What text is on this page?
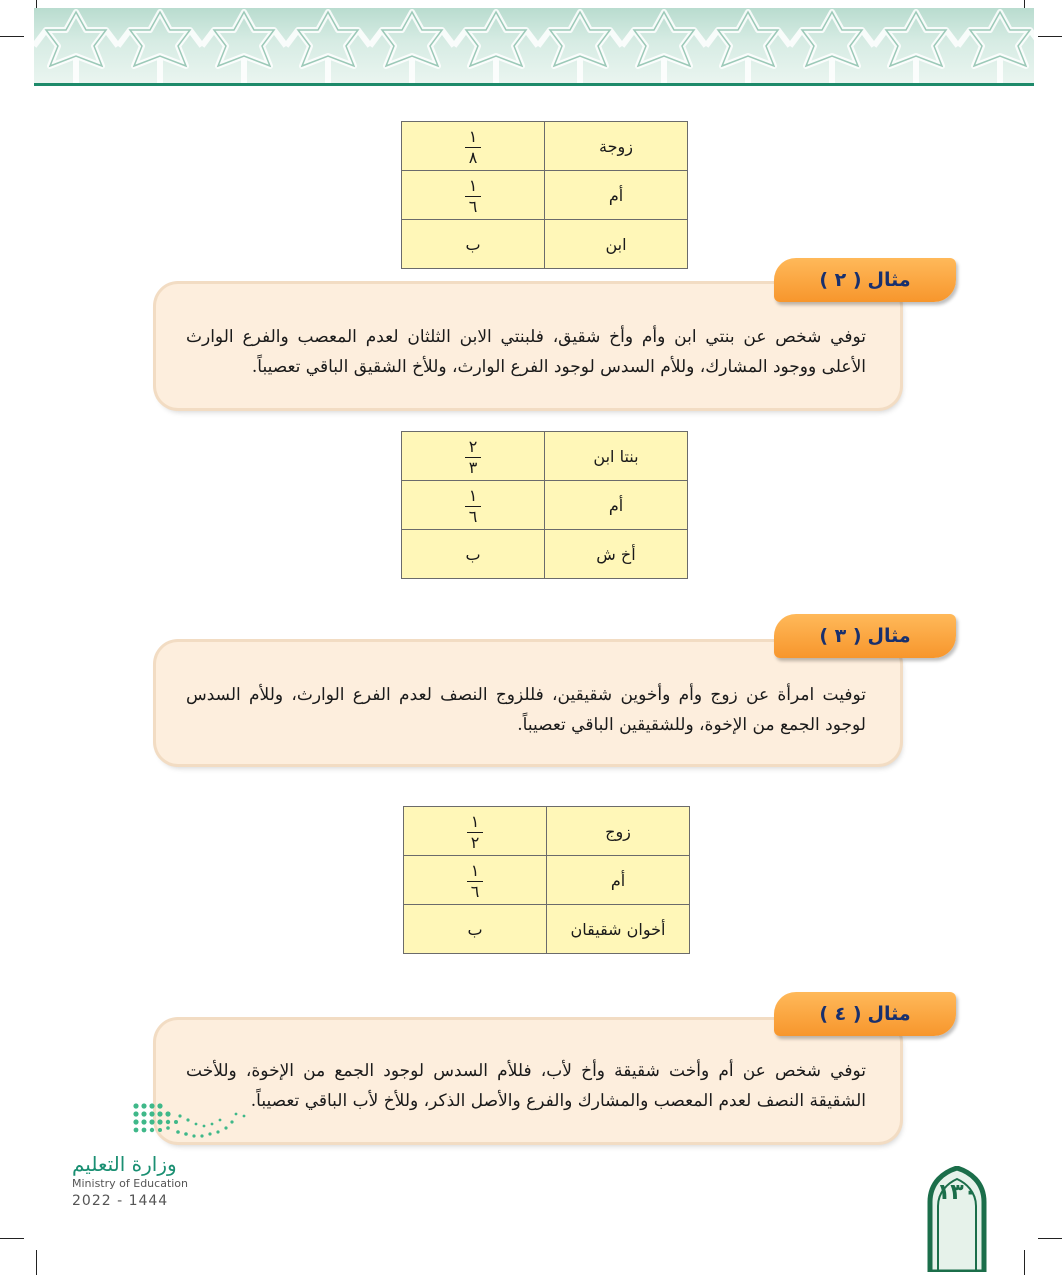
$\frac{١}{٨}$	زوجة

$\frac{١}{٦}$	أم
ب	ابن
توفي شخص عن بنتي ابن وأم وأخ شقيق، فلبنتي الابن الثلثان لعدم المعصب والفرع الوارث الأعلى ووجود المشارك، وللأم السدس لوجود الفرع الوارث، وللأخ الشقيق الباقي تعصيباً.
مثال
( ٢ )
$\frac{٢}{٣}$	بنتا ابن

$\frac{١}{٦}$	أم
ب	أخ ش
توفيت امرأة عن زوج وأم وأخوين شقيقين، فللزوج النصف لعدم الفرع الوارث، وللأم السدس لوجود الجمع من الإخوة، وللشقيقين الباقي تعصيباً.
مثال
( ٣ )
$\frac{١}{٢}$	زوج

$\frac{١}{٦}$	أم
ب	أخوان شقيقان
توفي شخص عن أم وأخت شقيقة وأخ لأب، فللأم السدس لوجود الجمع من الإخوة، وللأخت الشقيقة النصف لعدم المعصب والمشارك والفرع والأصل الذكر، وللأخ لأب الباقي تعصيباً.
مثال
( ٤ )
وزارة التعليم
Ministry of Education
2022 - 1444	١٣٠
